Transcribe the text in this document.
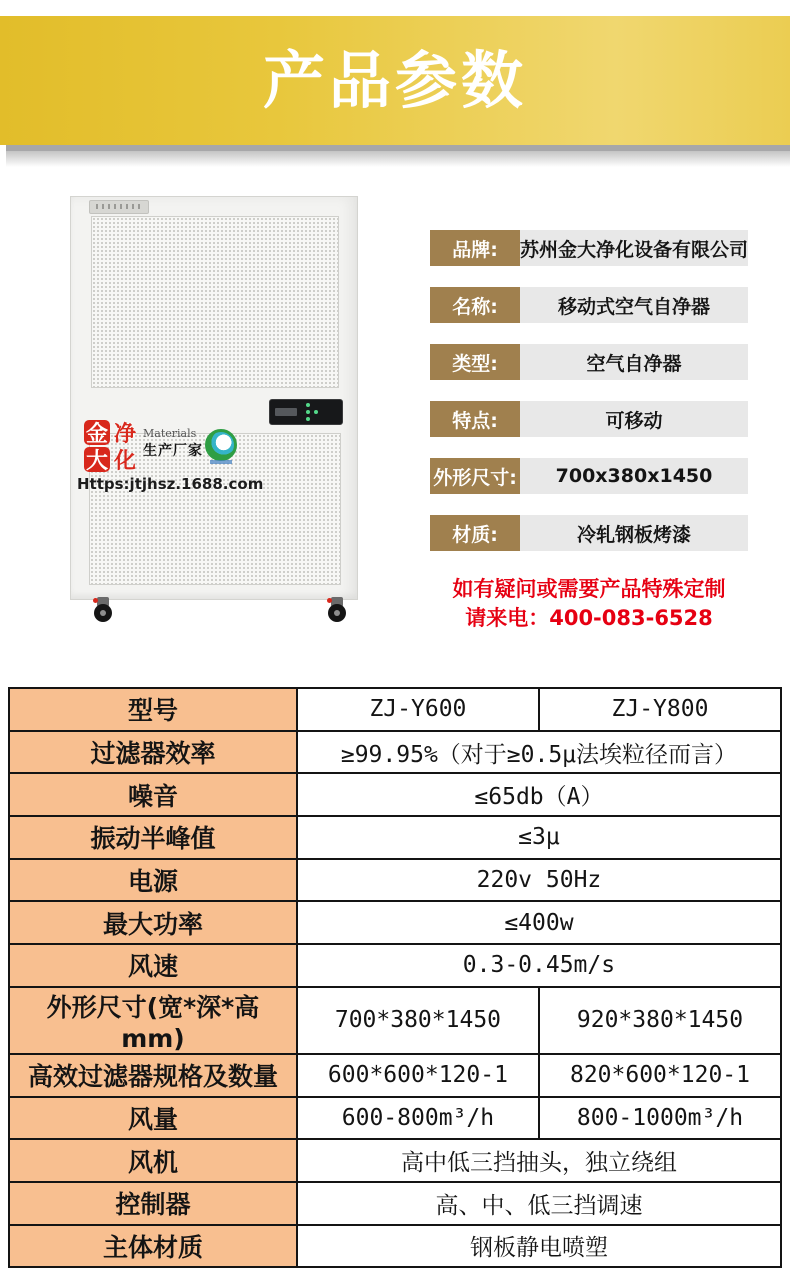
产品参数
金 净
大 化
Materials
生产厂家
Https:jtjhsz.1688.com
品牌:	苏州金大净化设备有限公司
名称:	移动式空气自净器
类型:	空气自净器
特点:	可移动
外形尺寸:	700x380x1450
材质:	冷轧钢板烤漆
如有疑问或需要产品特殊定制
请来电：400-083-6528
型号	ZJ-Y600	ZJ-Y800
过滤器效率	≥99.95%（对于≥0.5μ法埃粒径而言）	
噪音	≤65db（A）	
振动半峰值	≤3μ	
电源	220v 50Hz	
最大功率	≤400w	
风速	0.3-0.45m/s	
外形尺寸(宽*深*高 mm)	700*380*1450	920*380*1450
高效过滤器规格及数量	600*600*120-1	820*600*120-1
风量	600-800m³/h	800-1000m³/h
风机	高中低三挡抽头，独立绕组	
控制器	高、中、低三挡调速	
主体材质	钢板静电喷塑	
